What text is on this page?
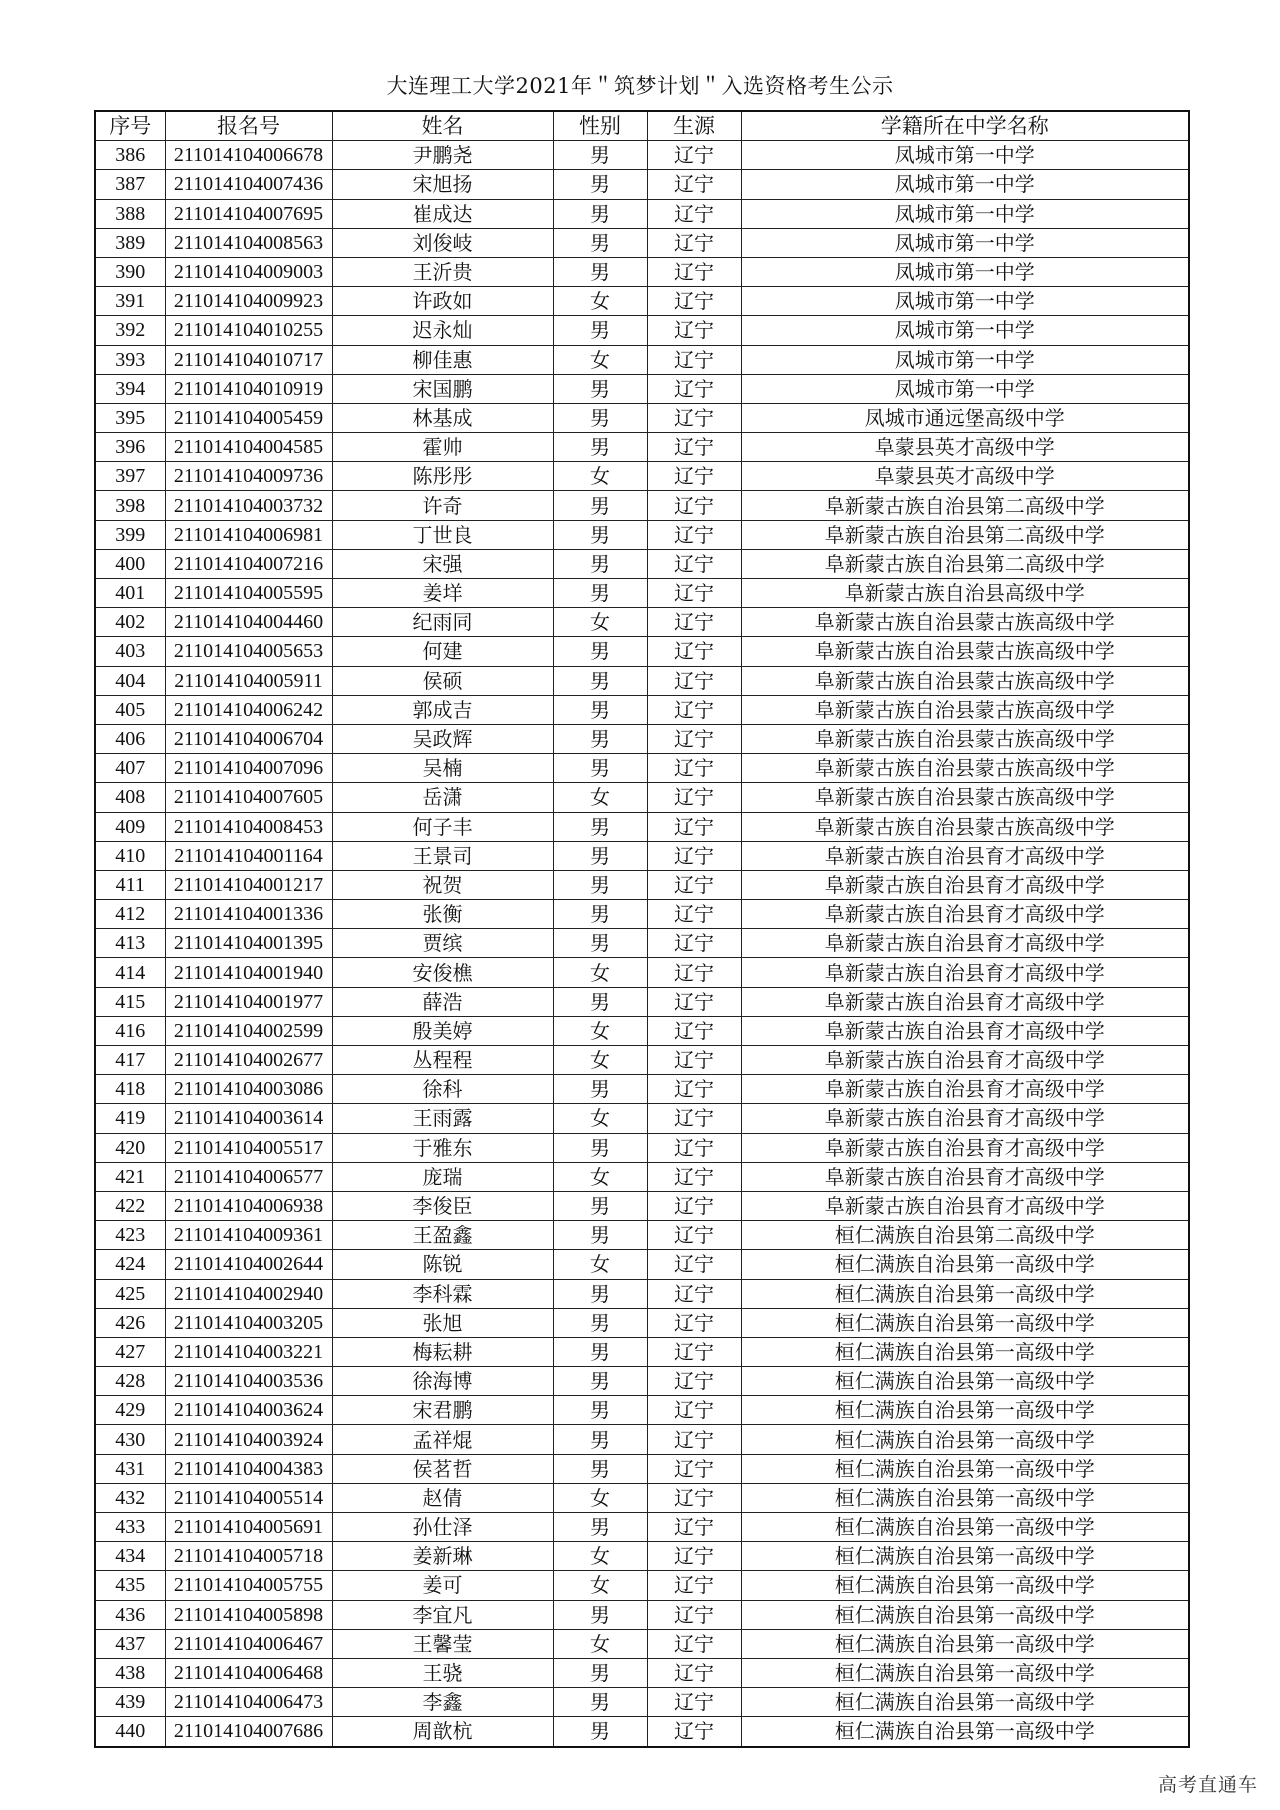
大连理工大学2021年＂筑梦计划＂入选资格考生公示
序号	报名号	姓名	性别	生源	学籍所在中学名称
386	211014104006678	尹鹏尧	男	辽宁	凤城市第一中学
387	211014104007436	宋旭扬	男	辽宁	凤城市第一中学
388	211014104007695	崔成达	男	辽宁	凤城市第一中学
389	211014104008563	刘俊岐	男	辽宁	凤城市第一中学
390	211014104009003	王沂贵	男	辽宁	凤城市第一中学
391	211014104009923	许政如	女	辽宁	凤城市第一中学
392	211014104010255	迟永灿	男	辽宁	凤城市第一中学
393	211014104010717	柳佳惠	女	辽宁	凤城市第一中学
394	211014104010919	宋国鹏	男	辽宁	凤城市第一中学
395	211014104005459	林基成	男	辽宁	凤城市通远堡高级中学
396	211014104004585	霍帅	男	辽宁	阜蒙县英才高级中学
397	211014104009736	陈彤彤	女	辽宁	阜蒙县英才高级中学
398	211014104003732	许奇	男	辽宁	阜新蒙古族自治县第二高级中学
399	211014104006981	丁世良	男	辽宁	阜新蒙古族自治县第二高级中学
400	211014104007216	宋强	男	辽宁	阜新蒙古族自治县第二高级中学
401	211014104005595	姜垟	男	辽宁	阜新蒙古族自治县高级中学
402	211014104004460	纪雨同	女	辽宁	阜新蒙古族自治县蒙古族高级中学
403	211014104005653	何建	男	辽宁	阜新蒙古族自治县蒙古族高级中学
404	211014104005911	侯硕	男	辽宁	阜新蒙古族自治县蒙古族高级中学
405	211014104006242	郭成吉	男	辽宁	阜新蒙古族自治县蒙古族高级中学
406	211014104006704	吴政辉	男	辽宁	阜新蒙古族自治县蒙古族高级中学
407	211014104007096	吴楠	男	辽宁	阜新蒙古族自治县蒙古族高级中学
408	211014104007605	岳潇	女	辽宁	阜新蒙古族自治县蒙古族高级中学
409	211014104008453	何子丰	男	辽宁	阜新蒙古族自治县蒙古族高级中学
410	211014104001164	王景司	男	辽宁	阜新蒙古族自治县育才高级中学
411	211014104001217	祝贺	男	辽宁	阜新蒙古族自治县育才高级中学
412	211014104001336	张衡	男	辽宁	阜新蒙古族自治县育才高级中学
413	211014104001395	贾缤	男	辽宁	阜新蒙古族自治县育才高级中学
414	211014104001940	安俊樵	女	辽宁	阜新蒙古族自治县育才高级中学
415	211014104001977	薛浩	男	辽宁	阜新蒙古族自治县育才高级中学
416	211014104002599	殷美婷	女	辽宁	阜新蒙古族自治县育才高级中学
417	211014104002677	丛程程	女	辽宁	阜新蒙古族自治县育才高级中学
418	211014104003086	徐科	男	辽宁	阜新蒙古族自治县育才高级中学
419	211014104003614	王雨露	女	辽宁	阜新蒙古族自治县育才高级中学
420	211014104005517	于雅东	男	辽宁	阜新蒙古族自治县育才高级中学
421	211014104006577	庞瑞	女	辽宁	阜新蒙古族自治县育才高级中学
422	211014104006938	李俊臣	男	辽宁	阜新蒙古族自治县育才高级中学
423	211014104009361	王盈鑫	男	辽宁	桓仁满族自治县第二高级中学
424	211014104002644	陈锐	女	辽宁	桓仁满族自治县第一高级中学
425	211014104002940	李科霖	男	辽宁	桓仁满族自治县第一高级中学
426	211014104003205	张旭	男	辽宁	桓仁满族自治县第一高级中学
427	211014104003221	梅耘耕	男	辽宁	桓仁满族自治县第一高级中学
428	211014104003536	徐海博	男	辽宁	桓仁满族自治县第一高级中学
429	211014104003624	宋君鹏	男	辽宁	桓仁满族自治县第一高级中学
430	211014104003924	孟祥焜	男	辽宁	桓仁满族自治县第一高级中学
431	211014104004383	侯茗哲	男	辽宁	桓仁满族自治县第一高级中学
432	211014104005514	赵倩	女	辽宁	桓仁满族自治县第一高级中学
433	211014104005691	孙仕泽	男	辽宁	桓仁满族自治县第一高级中学
434	211014104005718	姜新琳	女	辽宁	桓仁满族自治县第一高级中学
435	211014104005755	姜可	女	辽宁	桓仁满族自治县第一高级中学
436	211014104005898	李宜凡	男	辽宁	桓仁满族自治县第一高级中学
437	211014104006467	王馨莹	女	辽宁	桓仁满族自治县第一高级中学
438	211014104006468	王骁	男	辽宁	桓仁满族自治县第一高级中学
439	211014104006473	李鑫	男	辽宁	桓仁满族自治县第一高级中学
440	211014104007686	周歆杭	男	辽宁	桓仁满族自治县第一高级中学
高考直通车
